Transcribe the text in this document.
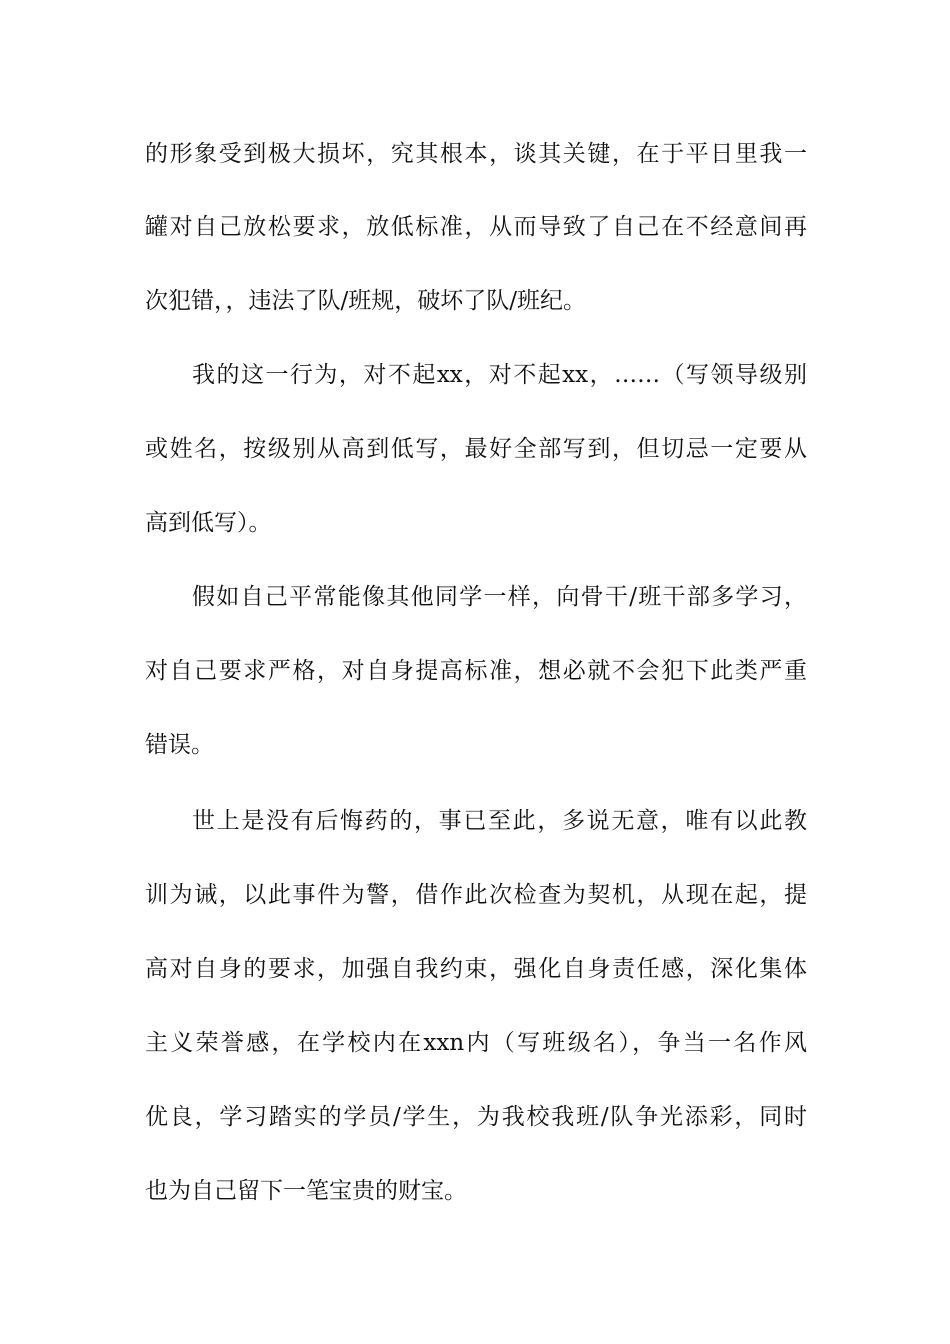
的形象受到极大损坏，究其根本，谈其关键，在于平日里我一
罐对自己放松要求，放低标准，从而导致了自己在不经意间再
次犯错，，违法了队/班规，破坏了队/班纪。
我的这一行为，对不起xx，对不起xx，……（写领导级别
或姓名，按级别从高到低写，最好全部写到，但切忌一定要从
高到低写）。
假如自己平常能像其他同学一样，向骨干/班干部多学习，
对自己要求严格，对自身提高标准，想必就不会犯下此类严重
错误。
世上是没有后悔药的，事已至此，多说无意，唯有以此教
训为诫，以此事件为警，借作此次检查为契机，从现在起，提
高对自身的要求，加强自我约束，强化自身责任感，深化集体
主义荣誉感，在学校内在xxn内（写班级名），争当一名作风
优良，学习踏实的学员/学生，为我校我班/队争光添彩，同时
也为自己留下一笔宝贵的财宝。
